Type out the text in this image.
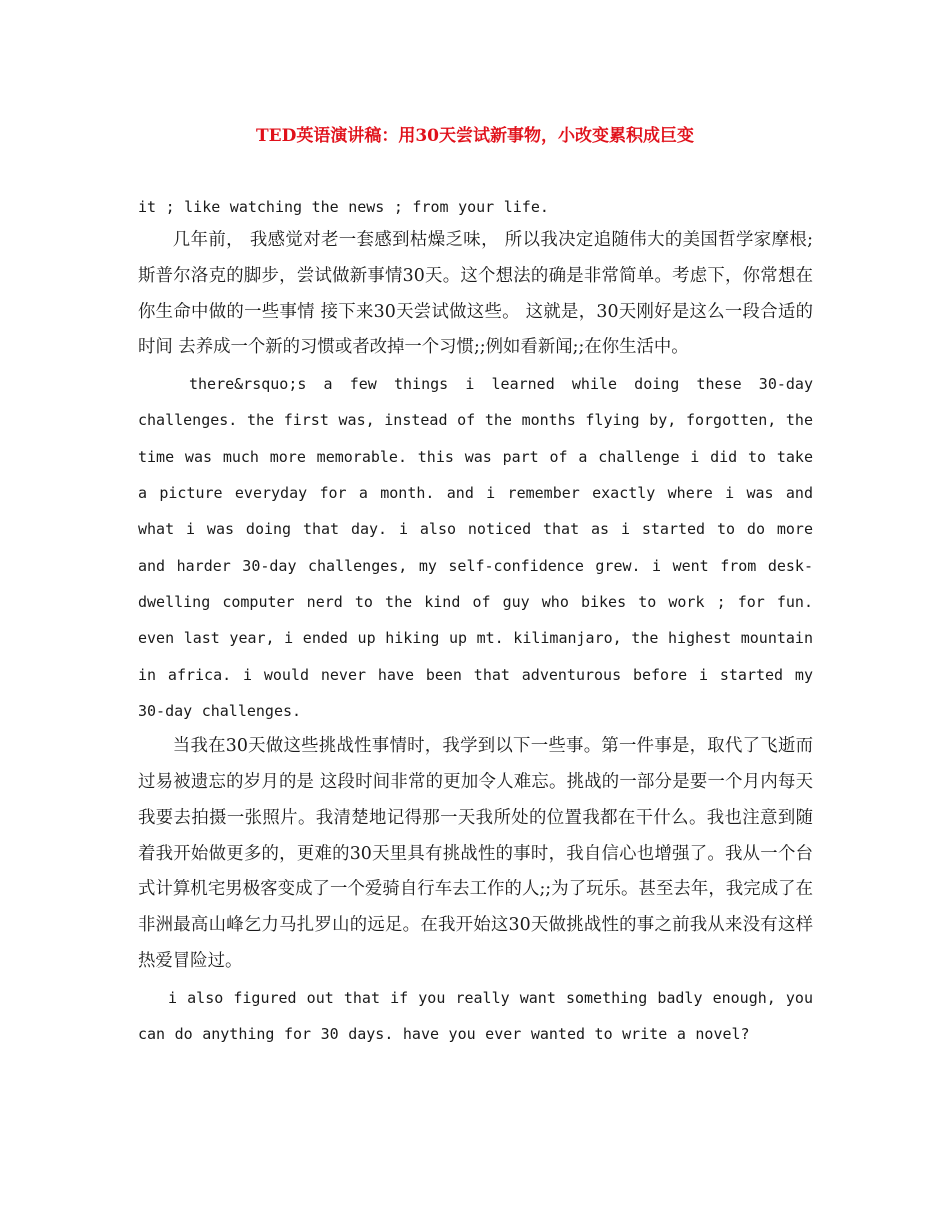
TED英语演讲稿：用30天尝试新事物，小改变累积成巨变

it ; like watching the news ; from your life.

几年前， 我感觉对老一套感到枯燥乏味， 所以我决定追随伟大的美国哲学家摩根;斯普尔洛克的脚步，尝试做新事情30天。这个想法的确是非常简单。考虑下，你常想在你生命中做的一些事情 接下来30天尝试做这些。 这就是，30天刚好是这么一段合适的时间 去养成一个新的习惯或者改掉一个习惯;;例如看新闻;;在你生活中。

there&rsquo;s a few things i learned while doing these 30-day challenges. the first was, instead of the months flying by, forgotten, the time was much more memorable. this was part of a challenge i did to take a picture everyday for a month. and i remember exactly where i was and what i was doing that day. i also noticed that as i started to do more and harder 30-day challenges, my self-confidence grew. i went from desk-dwelling computer nerd to the kind of guy who bikes to work ; for fun. even last year, i ended up hiking up mt. kilimanjaro, the highest mountain in africa. i would never have been that adventurous before i started my 30-day challenges.

当我在30天做这些挑战性事情时，我学到以下一些事。第一件事是，取代了飞逝而过易被遗忘的岁月的是 这段时间非常的更加令人难忘。挑战的一部分是要一个月内每天我要去拍摄一张照片。我清楚地记得那一天我所处的位置我都在干什么。我也注意到随着我开始做更多的，更难的30天里具有挑战性的事时，我自信心也增强了。我从一个台式计算机宅男极客变成了一个爱骑自行车去工作的人;;为了玩乐。甚至去年，我完成了在非洲最高山峰乞力马扎罗山的远足。在我开始这30天做挑战性的事之前我从来没有这样热爱冒险过。

i also figured out that if you really want something badly enough, you can do anything for 30 days. have you ever wanted to write a novel?
